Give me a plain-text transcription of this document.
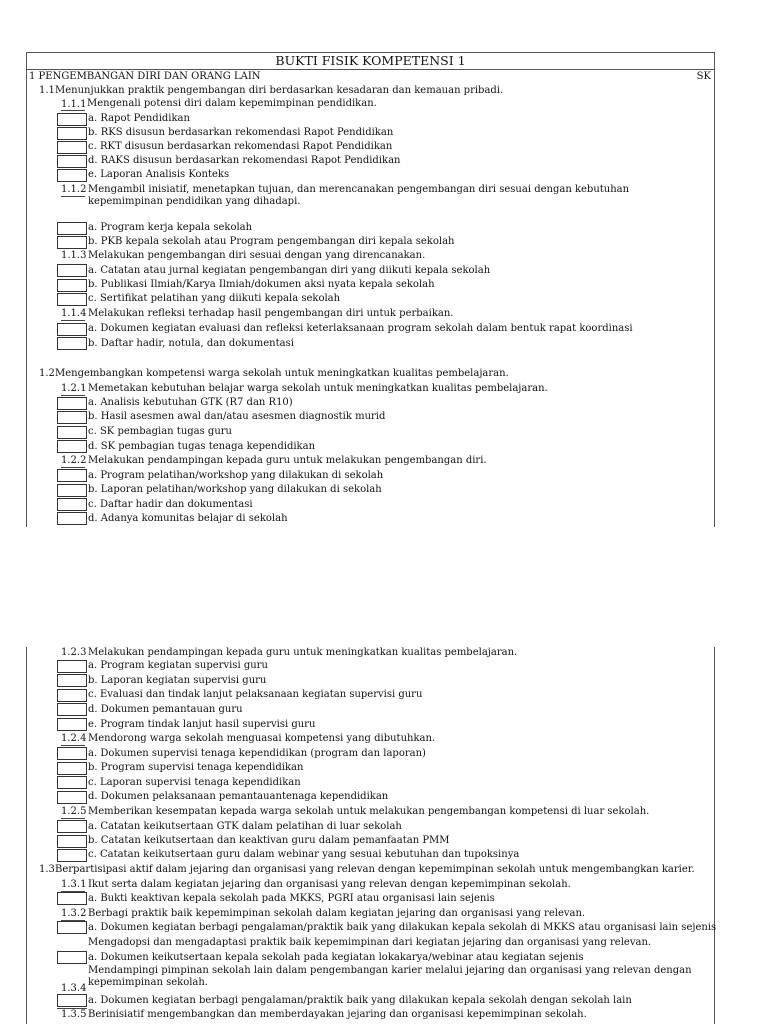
BUKTI FISIK KOMPETENSI 1
SK
1 PENGEMBANGAN DIRI DAN ORANG LAIN
1.1 Menunjukkan praktik pengembangan diri berdasarkan kesadaran dan kemauan pribadi.
1.1.1 Mengenali potensi diri dalam kepemimpinan pendidikan.
a. Rapot Pendidikan
b. RKS disusun berdasarkan rekomendasi Rapot Pendidikan
c. RKT disusun berdasarkan rekomendasi Rapot Pendidikan
d. RAKS disusun berdasarkan rekomendasi Rapot Pendidikan
e. Laporan Analisis Konteks
1.1.2 Mengambil inisiatif, menetapkan tujuan, dan merencanakan pengembangan diri sesuai dengan kebutuhan kepemimpinan pendidikan yang dihadapi.
a. Program kerja kepala sekolah
b. PKB kepala sekolah atau Program pengembangan diri kepala sekolah
1.1.3 Melakukan pengembangan diri sesuai dengan yang direncanakan.
a. Catatan atau jurnal kegiatan pengembangan diri yang diikuti kepala sekolah
b. Publikasi Ilmiah/Karya Ilmiah/dokumen aksi nyata kepala sekolah
c. Sertifikat pelatihan yang diikuti kepala sekolah
1.1.4 Melakukan refleksi terhadap hasil pengembangan diri untuk perbaikan.
a. Dokumen kegiatan evaluasi dan refleksi keterlaksanaan program sekolah dalam bentuk rapat koordinasi
b. Daftar hadir, notula, dan dokumentasi
1.2 Mengembangkan kompetensi warga sekolah untuk meningkatkan kualitas pembelajaran.
1.2.1 Memetakan kebutuhan belajar warga sekolah untuk meningkatkan kualitas pembelajaran.
a. Analisis kebutuhan GTK (R7 dan R10)
b. Hasil asesmen awal dan/atau asesmen diagnostik murid
c. SK pembagian tugas guru
d. SK pembagian tugas tenaga kependidikan
1.2.2 Melakukan pendampingan kepada guru untuk melakukan pengembangan diri.
a. Program pelatihan/workshop yang dilakukan di sekolah
b. Laporan pelatihan/workshop yang dilakukan di sekolah
c. Daftar hadir dan dokumentasi
d. Adanya komunitas belajar di sekolah
1.2.3 Melakukan pendampingan kepada guru untuk meningkatkan kualitas pembelajaran.
a. Program kegiatan supervisi guru
b. Laporan kegiatan supervisi guru
c. Evaluasi dan tindak lanjut pelaksanaan kegiatan supervisi guru
d. Dokumen pemantauan guru
e. Program tindak lanjut hasil supervisi guru
1.2.4 Mendorong warga sekolah menguasai kompetensi yang dibutuhkan.
a. Dokumen supervisi tenaga kependidikan (program dan laporan)
b. Program supervisi tenaga kependidikan
c. Laporan supervisi tenaga kependidikan
d. Dokumen pelaksanaan pemantauantenaga kependidikan
1.2.5 Memberikan kesempatan kepada warga sekolah untuk melakukan pengembangan kompetensi di luar sekolah.
a. Catatan keikutsertaan GTK dalam pelatihan di luar sekolah
b. Catatan keikutsertaan dan keaktivan guru dalam pemanfaatan PMM
c. Catatan keikutsertaan guru dalam webinar yang sesuai kebutuhan dan tupoksinya
1.3 Berpartisipasi aktif dalam jejaring dan organisasi yang relevan dengan kepemimpinan sekolah untuk mengembangkan karier.
1.3.1 Ikut serta dalam kegiatan jejaring dan organisasi yang relevan dengan kepemimpinan sekolah.
a. Bukti keaktivan kepala sekolah pada MKKS, PGRI atau organisasi lain sejenis
1.3.2 Berbagi praktik baik kepemimpinan sekolah dalam kegiatan jejaring dan organisasi yang relevan.
a. Dokumen kegiatan berbagi pengalaman/praktik baik yang dilakukan kepala sekolah di MKKS atau organisasi lain sejenis
Mengadopsi dan mengadaptasi praktik baik kepemimpinan dari kegiatan jejaring dan organisasi yang relevan.
a. Dokumen keikutsertaan kepala sekolah pada kegiatan lokakarya/webinar atau kegiatan sejenis
Mendampingi pimpinan sekolah lain dalam pengembangan karier melalui jejaring dan organisasi yang relevan dengan kepemimpinan sekolah.
1.3.4
a. Dokumen kegiatan berbagi pengalaman/praktik baik yang dilakukan kepala sekolah dengan sekolah lain
1.3.5 Berinisiatif mengembangkan dan memberdayakan jejaring dan organisasi kepemimpinan sekolah.
